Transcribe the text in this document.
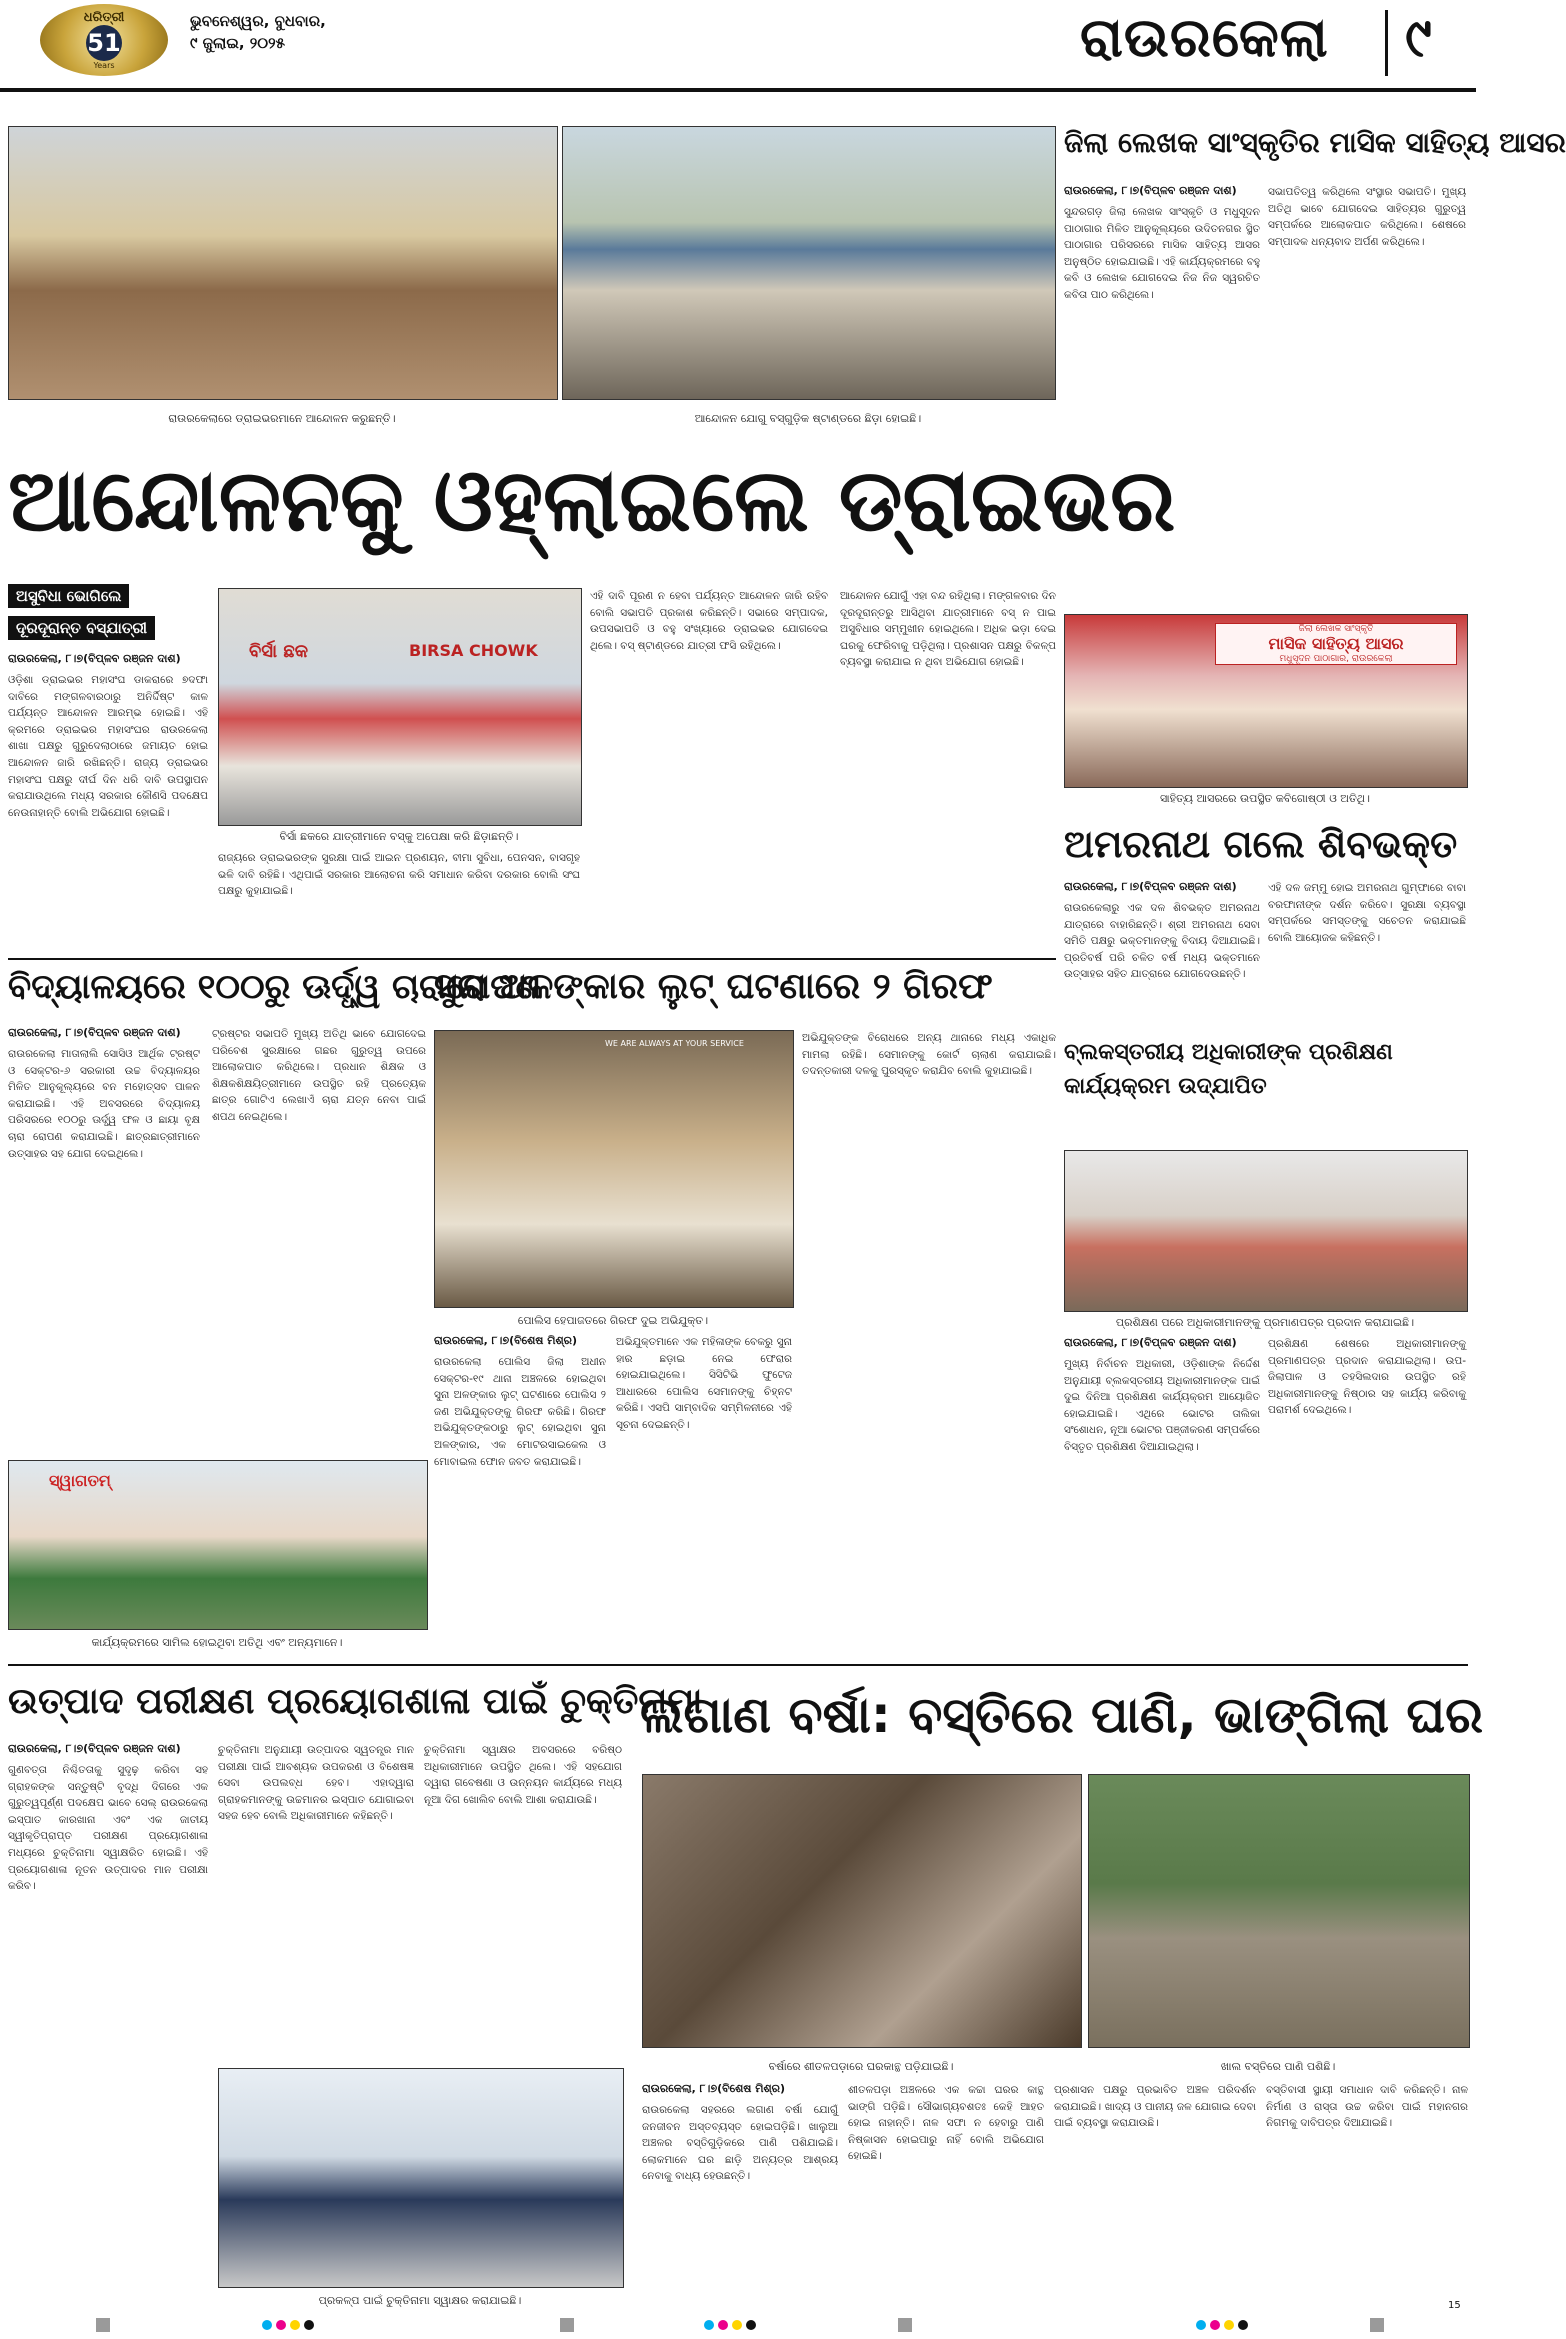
ଧରିତ୍ରୀ
51
Years
ଭୁବନେଶ୍ୱର, ବୁଧବାର,
୯ ଜୁଲାଇ, ୨୦୨୫	ରାଉରକେଲା ୯
ରାଉରକେଲାରେ ଡ୍ରାଇଭରମାନେ ଆନ୍ଦୋଳନ କରୁଛନ୍ତି।	ଆନ୍ଦୋଳନ ଯୋଗୁ ବସ୍‌ଗୁଡ଼ିକ ଷ୍ଟାଣ୍ଡରେ ଛିଡ଼ା ହୋଇଛି।
ଆନ୍ଦୋଳନକୁ ଓହ୍ଲାଇଲେ ଡ୍ରାଇଭର
ଅସୁବିଧା ଭୋଗିଲେ
ଦୂରଦୂରାନ୍ତ ବସ୍‌ଯାତ୍ରୀ
ରାଉରକେଲା, ୮।୭(ବିପ୍ଳବ ରଞ୍ଜନ ଦାଶ)
ଓଡ଼ିଶା ଡ୍ରାଇଭର ମହାସଂଘ ଡାକରାରେ ୭ଦଫା ଦାବିରେ ମଙ୍ଗଳବାରଠାରୁ ଅନିର୍ଦ୍ଦିଷ୍ଟ କାଳ ପର୍ଯ୍ୟନ୍ତ ଆନ୍ଦୋଳନ ଆରମ୍ଭ ହୋଇଛି। ଏହି କ୍ରମରେ ଡ୍ରାଇଭର ମହାସଂଘର ରାଉରକେଲା ଶାଖା ପକ୍ଷରୁ ଗୁରୁଦେଲାଠାରେ ଜମାୟତ ହୋଇ ଆନ୍ଦୋଳନ ଜାରି ରଖିଛନ୍ତି। ରାଜ୍ୟ ଡ୍ରାଇଭର ମହାସଂଘ ପକ୍ଷରୁ ଦୀର୍ଘ ଦିନ ଧରି ଦାବି ଉପସ୍ଥାପନ କରାଯାଉଥିଲେ ମଧ୍ୟ ସରକାର କୌଣସି ପଦକ୍ଷେପ ନେଉନାହାନ୍ତି ବୋଲି ଅଭିଯୋଗ ହୋଇଛି।
ବିର୍ସା ଛକ	BIRSA CHOWK
ବିର୍ସା ଛକରେ ଯାତ୍ରୀମାନେ ବସ୍‌କୁ ଅପେକ୍ଷା କରି ଛିଡ଼ାଛନ୍ତି।
ରାଜ୍ୟରେ ଡ୍ରାଇଭରଙ୍କ ସୁରକ୍ଷା ପାଇଁ ଆଇନ ପ୍ରଣୟନ, ବୀମା ସୁବିଧା, ପେନସନ, ବାସଗୃହ ଭଳି ଦାବି ରହିଛି। ଏଥିପାଇଁ ସରକାର ଆଲୋଚନା କରି ସମାଧାନ କରିବା ଦରକାର ବୋଲି ସଂଘ ପକ୍ଷରୁ କୁହାଯାଇଛି।
ଏହି ଦାବି ପୂରଣ ନ ହେବା ପର୍ଯ୍ୟନ୍ତ ଆନ୍ଦୋଳନ ଜାରି ରହିବ ବୋଲି ସଭାପତି ପ୍ରକାଶ କରିଛନ୍ତି। ସଭାରେ ସମ୍ପାଦକ, ଉପସଭାପତି ଓ ବହୁ ସଂଖ୍ୟାରେ ଡ୍ରାଇଭର ଯୋଗଦେଇ ଥିଲେ। ବସ୍ ଷ୍ଟାଣ୍ଡରେ ଯାତ୍ରୀ ଫସି ରହିଥିଲେ।
ଆନ୍ଦୋଳନ ଯୋଗୁଁ ଏହା ବନ୍ଦ ରହିଥିଲା। ମଙ୍ଗଳବାର ଦିନ ଦୂରଦୂରାନ୍ତରୁ ଆସିଥିବା ଯାତ୍ରୀମାନେ ବସ୍ ନ ପାଇ ଅସୁବିଧାର ସମ୍ମୁଖୀନ ହୋଇଥିଲେ। ଅଧିକ ଭଡ଼ା ଦେଇ ଘରକୁ ଫେରିବାକୁ ପଡ଼ିଥିଲା। ପ୍ରଶାସନ ପକ୍ଷରୁ ବିକଳ୍ପ ବ୍ୟବସ୍ଥା କରାଯାଇ ନ ଥିବା ଅଭିଯୋଗ ହୋଇଛି।
ଜିଲା ଲେଖକ ସାଂସ୍କୃତିର ମାସିକ ସାହିତ୍ୟ ଆସର
ରାଉରକେଲା, ୮।୭(ବିପ୍ଳବ ରଞ୍ଜନ ଦାଶ)
ସୁନ୍ଦରଗଡ଼ ଜିଲା ଲେଖକ ସାଂସ୍କୃତି ଓ ମଧୁସୂଦନ ପାଠାଗାର ମିଳିତ ଆନୁକୂଲ୍ୟରେ ଉଦିତନଗର ସ୍ଥିତ ପାଠାଗାର ପରିସରରେ ମାସିକ ସାହିତ୍ୟ ଆସର ଅନୁଷ୍ଠିତ ହୋଇଯାଇଛି। ଏହି କାର୍ଯ୍ୟକ୍ରମରେ ବହୁ କବି ଓ ଲେଖକ ଯୋଗଦେଇ ନିଜ ନିଜ ସ୍ୱରଚିତ କବିତା ପାଠ କରିଥିଲେ।
ସଭାପତିତ୍ୱ କରିଥିଲେ ସଂସ୍ଥାର ସଭାପତି। ମୁଖ୍ୟ ଅତିଥି ଭାବେ ଯୋଗଦେଇ ସାହିତ୍ୟର ଗୁରୁତ୍ୱ ସମ୍ପର୍କରେ ଆଲୋକପାତ କରିଥିଲେ। ଶେଷରେ ସମ୍ପାଦକ ଧନ୍ୟବାଦ ଅର୍ପଣ କରିଥିଲେ।
ଜିଲା ଲେଖକ ସାଂସ୍କୃତି
ମାସିକ ସାହିତ୍ୟ ଆସର
ମଧୁସୂଦନ ପାଠାଗାର, ରାଉରକେଲା
ସାହିତ୍ୟ ଆସରରେ ଉପସ୍ଥିତ କବିଗୋଷ୍ଠୀ ଓ ଅତିଥି।
ଅମରନାଥ ଗଲେ ଶିବଭକ୍ତ
ରାଉରକେଲା, ୮।୭(ବିପ୍ଳବ ରଞ୍ଜନ ଦାଶ)
ରାଉରକେଲାରୁ ଏକ ଦଳ ଶିବଭକ୍ତ ଅମରନାଥ ଯାତ୍ରାରେ ବାହାରିଛନ୍ତି। ଶ୍ରୀ ଅମରନାଥ ସେବା ସମିତି ପକ୍ଷରୁ ଭକ୍ତମାନଙ୍କୁ ବିଦାୟ ଦିଆଯାଇଛି। ପ୍ରତିବର୍ଷ ପରି ଚଳିତ ବର୍ଷ ମଧ୍ୟ ଭକ୍ତମାନେ ଉତ୍ସାହର ସହିତ ଯାତ୍ରାରେ ଯୋଗଦେଉଛନ୍ତି।
ଏହି ଦଳ ଜମ୍ମୁ ହୋଇ ଅମରନାଥ ଗୁମ୍ଫାରେ ବାବା ବରଫାନୀଙ୍କ ଦର୍ଶନ କରିବେ। ସୁରକ୍ଷା ବ୍ୟବସ୍ଥା ସମ୍ପର୍କରେ ସମସ୍ତଙ୍କୁ ସଚେତନ କରାଯାଇଛି ବୋଲି ଆୟୋଜକ କହିଛନ୍ତି।
ବିଦ୍ୟାଳୟରେ ୧୦୦ରୁ ଊର୍ଦ୍ଧ୍ୱ ଚାରାରୋପଣ
ରାଉରକେଲା, ୮।୭(ବିପ୍ଳବ ରଞ୍ଜନ ଦାଶ)
ରାଉରକେଲା ମାତାଲାଲି ସୋସିଓ ଆର୍ଥିକ ଟ୍ରଷ୍ଟ ଓ ସେକ୍ଟର-୬ ସରକାରୀ ଉଚ୍ଚ ବିଦ୍ୟାଳୟର ମିଳିତ ଆନୁକୂଲ୍ୟରେ ବନ ମହୋତ୍ସବ ପାଳନ କରାଯାଇଛି। ଏହି ଅବସରରେ ବିଦ୍ୟାଳୟ ପରିସରରେ ୧୦୦ରୁ ଊର୍ଦ୍ଧ୍ୱ ଫଳ ଓ ଛାୟା ବୃକ୍ଷ ଚାରା ରୋପଣ କରାଯାଇଛି। ଛାତ୍ରଛାତ୍ରୀମାନେ ଉତ୍ସାହର ସହ ଯୋଗ ଦେଇଥିଲେ।
ଟ୍ରଷ୍ଟର ସଭାପତି ମୁଖ୍ୟ ଅତିଥି ଭାବେ ଯୋଗଦେଇ ପରିବେଶ ସୁରକ୍ଷାରେ ଗଛର ଗୁରୁତ୍ୱ ଉପରେ ଆଲୋକପାତ କରିଥିଲେ। ପ୍ରଧାନ ଶିକ୍ଷକ ଓ ଶିକ୍ଷକଶିକ୍ଷୟିତ୍ରୀମାନେ ଉପସ୍ଥିତ ରହି ପ୍ରତ୍ୟେକ ଛାତ୍ର ଗୋଟିଏ ଲେଖାଏଁ ଚାରା ଯତ୍ନ ନେବା ପାଇଁ ଶପଥ ନେଇଥିଲେ।
ସ୍ୱାଗତମ୍
କାର୍ଯ୍ୟକ୍ରମରେ ସାମିଲ ହୋଇଥିବା ଅତିଥି ଏବଂ ଅନ୍ୟମାନେ।
ସୁନା ଅଳଙ୍କାର ଲୁଟ୍ ଘଟଣାରେ ୨ ଗିରଫ
WE ARE ALWAYS AT YOUR SERVICE
ପୋଲିସ ହେପାଜତରେ ଗିରଫ ଦୁଇ ଅଭିଯୁକ୍ତ।
ରାଉରକେଲା, ୮।୭(ବିଶେଷ ମିଶ୍ର)
ରାଉରକେଲା ପୋଲିସ ଜିଲା ଅଧୀନ ସେକ୍ଟର-୧୯ ଥାନା ଅଞ୍ଚଳରେ ହୋଇଥିବା ସୁନା ଅଳଙ୍କାର ଲୁଟ୍ ଘଟଣାରେ ପୋଲିସ ୨ ଜଣ ଅଭିଯୁକ୍ତଙ୍କୁ ଗିରଫ କରିଛି। ଗିରଫ ଅଭିଯୁକ୍ତଙ୍କଠାରୁ ଲୁଟ୍ ହୋଇଥିବା ସୁନା ଅଳଙ୍କାର, ଏକ ମୋଟରସାଇକେଲ ଓ ମୋବାଇଲ ଫୋନ ଜବତ କରାଯାଇଛି।
ଅଭିଯୁକ୍ତମାନେ ଏକ ମହିଳାଙ୍କ ବେକରୁ ସୁନା ହାର ଛଡ଼ାଇ ନେଇ ଫେରାର ହୋଇଯାଇଥିଲେ। ସିସିଟିଭି ଫୁଟେଜ ଆଧାରରେ ପୋଲିସ ସେମାନଙ୍କୁ ଚିହ୍ନଟ କରିଛି। ଏସପି ସାମ୍ବାଦିକ ସମ୍ମିଳନୀରେ ଏହି ସୂଚନା ଦେଇଛନ୍ତି।
ଅଭିଯୁକ୍ତଙ୍କ ବିରୋଧରେ ଅନ୍ୟ ଥାନାରେ ମଧ୍ୟ ଏକାଧିକ ମାମଲା ରହିଛି। ସେମାନଙ୍କୁ କୋର୍ଟ ଚାଲାଣ କରାଯାଇଛି। ତଦନ୍ତକାରୀ ଦଳକୁ ପୁରସ୍କୃତ କରାଯିବ ବୋଲି କୁହାଯାଇଛି।
ବ୍ଲକସ୍ତରୀୟ ଅଧିକାରୀଙ୍କ ପ୍ରଶିକ୍ଷଣ କାର୍ଯ୍ୟକ୍ରମ ଉଦ୍‌ଯାପିତ
ପ୍ରଶିକ୍ଷଣ ପରେ ଅଧିକାରୀମାନଙ୍କୁ ପ୍ରମାଣପତ୍ର ପ୍ରଦାନ କରାଯାଇଛି।
ରାଉରକେଲା, ୮।୭(ବିପ୍ଳବ ରଞ୍ଜନ ଦାଶ)
ମୁଖ୍ୟ ନିର୍ବାଚନ ଅଧିକାରୀ, ଓଡ଼ିଶାଙ୍କ ନିର୍ଦ୍ଦେଶ ଅନୁଯାୟୀ ବ୍ଲକସ୍ତରୀୟ ଅଧିକାରୀମାନଙ୍କ ପାଇଁ ଦୁଇ ଦିନିଆ ପ୍ରଶିକ୍ଷଣ କାର୍ଯ୍ୟକ୍ରମ ଆୟୋଜିତ ହୋଇଯାଇଛି। ଏଥିରେ ଭୋଟର ତାଲିକା ସଂଶୋଧନ, ନୂଆ ଭୋଟର ପଞ୍ଜୀକରଣ ସମ୍ପର୍କରେ ବିସ୍ତୃତ ପ୍ରଶିକ୍ଷଣ ଦିଆଯାଇଥିଲା।
ପ୍ରଶିକ୍ଷଣ ଶେଷରେ ଅଧିକାରୀମାନଙ୍କୁ ପ୍ରମାଣପତ୍ର ପ୍ରଦାନ କରାଯାଇଥିଲା। ଉପ-ଜିଲାପାଳ ଓ ତହସିଲଦାର ଉପସ୍ଥିତ ରହି ଅଧିକାରୀମାନଙ୍କୁ ନିଷ୍ଠାର ସହ କାର୍ଯ୍ୟ କରିବାକୁ ପରାମର୍ଶ ଦେଇଥିଲେ।
ଉତ୍ପାଦ ପରୀକ୍ଷଣ ପ୍ରୟୋଗଶାଳା ପାଇଁ ଚୁକ୍ତିନାମା
ରାଉରକେଲା, ୮।୭(ବିପ୍ଳବ ରଞ୍ଜନ ଦାଶ)
ଗୁଣବତ୍ତା ନିଶ୍ଚିତତାକୁ ସୁଦୃଢ଼ କରିବା ସହ ଗ୍ରାହକଙ୍କ ସନ୍ତୁଷ୍ଟି ବୃଦ୍ଧି ଦିଗରେ ଏକ ଗୁରୁତ୍ୱପୂର୍ଣ୍ଣ ପଦକ୍ଷେପ ଭାବେ ସେଲ୍ ରାଉରକେଲା ଇସ୍ପାତ କାରଖାନା ଏବଂ ଏକ ଜାତୀୟ ସ୍ୱୀକୃତିପ୍ରାପ୍ତ ପରୀକ୍ଷଣ ପ୍ରୟୋଗଶାଳା ମଧ୍ୟରେ ଚୁକ୍ତିନାମା ସ୍ୱାକ୍ଷରିତ ହୋଇଛି। ଏହି ପ୍ରୟୋଗଶାଳା ନୂତନ ଉତ୍ପାଦର ମାନ ପରୀକ୍ଷା କରିବ।
ଚୁକ୍ତିନାମା ଅନୁଯାୟୀ ଉତ୍ପାଦର ସ୍ୱତନ୍ତ୍ର ମାନ ପରୀକ୍ଷା ପାଇଁ ଆବଶ୍ୟକ ଉପକରଣ ଓ ବିଶେଷଜ୍ଞ ସେବା ଉପଲବ୍ଧ ହେବ। ଏହାଦ୍ୱାରା ଗ୍ରାହକମାନଙ୍କୁ ଉଚ୍ଚମାନର ଇସ୍ପାତ ଯୋଗାଇବା ସହଜ ହେବ ବୋଲି ଅଧିକାରୀମାନେ କହିଛନ୍ତି।
ଚୁକ୍ତିନାମା ସ୍ୱାକ୍ଷର ଅବସରରେ ବରିଷ୍ଠ ଅଧିକାରୀମାନେ ଉପସ୍ଥିତ ଥିଲେ। ଏହି ସହଯୋଗ ଦ୍ୱାରା ଗବେଷଣା ଓ ଉନ୍ନୟନ କାର୍ଯ୍ୟରେ ମଧ୍ୟ ନୂଆ ଦିଗ ଖୋଲିବ ବୋଲି ଆଶା କରାଯାଉଛି।
ପ୍ରକଳ୍ପ ପାଇଁ ଚୁକ୍ତିନାମା ସ୍ୱାକ୍ଷର କରାଯାଇଛି।
ଲଗାଣ ବର୍ଷା: ବସ୍ତିରେ ପାଣି, ଭାଙ୍ଗିଲା ଘର
ବର୍ଷାରେ ଶୀତଳପଡ଼ାରେ ଘରକାନ୍ଥ ପଡ଼ିଯାଇଛି।	ଖାଲ ବସ୍ତିରେ ପାଣି ପଶିଛି।
ରାଉରକେଲା, ୮।୭(ବିଶେଷ ମିଶ୍ର)
ରାଉରକେଲା ସହରରେ ଲଗାଣ ବର୍ଷା ଯୋଗୁଁ ଜନଜୀବନ ଅସ୍ତବ୍ୟସ୍ତ ହୋଇପଡ଼ିଛି। ଖାଲୁଆ ଅଞ୍ଚଳର ବସ୍ତିଗୁଡ଼ିକରେ ପାଣି ପଶିଯାଇଛି। ଲୋକମାନେ ଘର ଛାଡ଼ି ଅନ୍ୟତ୍ର ଆଶ୍ରୟ ନେବାକୁ ବାଧ୍ୟ ହେଉଛନ୍ତି।
ଶୀତଳପଡ଼ା ଅଞ୍ଚଳରେ ଏକ କଚ୍ଚା ଘରର କାନ୍ଥ ଭାଙ୍ଗି ପଡ଼ିଛି। ସୌଭାଗ୍ୟବଶତଃ କେହି ଆହତ ହୋଇ ନାହାନ୍ତି। ନାଳ ସଫା ନ ହେବାରୁ ପାଣି ନିଷ୍କାସନ ହୋଇପାରୁ ନାହିଁ ବୋଲି ଅଭିଯୋଗ ହୋଇଛି।
ପ୍ରଶାସନ ପକ୍ଷରୁ ପ୍ରଭାବିତ ଅଞ୍ଚଳ ପରିଦର୍ଶନ କରାଯାଇଛି। ଖାଦ୍ୟ ଓ ପାନୀୟ ଜଳ ଯୋଗାଇ ଦେବା ପାଇଁ ବ୍ୟବସ୍ଥା କରାଯାଉଛି।
ବସ୍ତିବାସୀ ସ୍ଥାୟୀ ସମାଧାନ ଦାବି କରିଛନ୍ତି। ନାଳ ନିର୍ମାଣ ଓ ରାସ୍ତା ଉଚ୍ଚ କରିବା ପାଇଁ ମହାନଗର ନିଗମକୁ ଦାବିପତ୍ର ଦିଆଯାଇଛି।
15
